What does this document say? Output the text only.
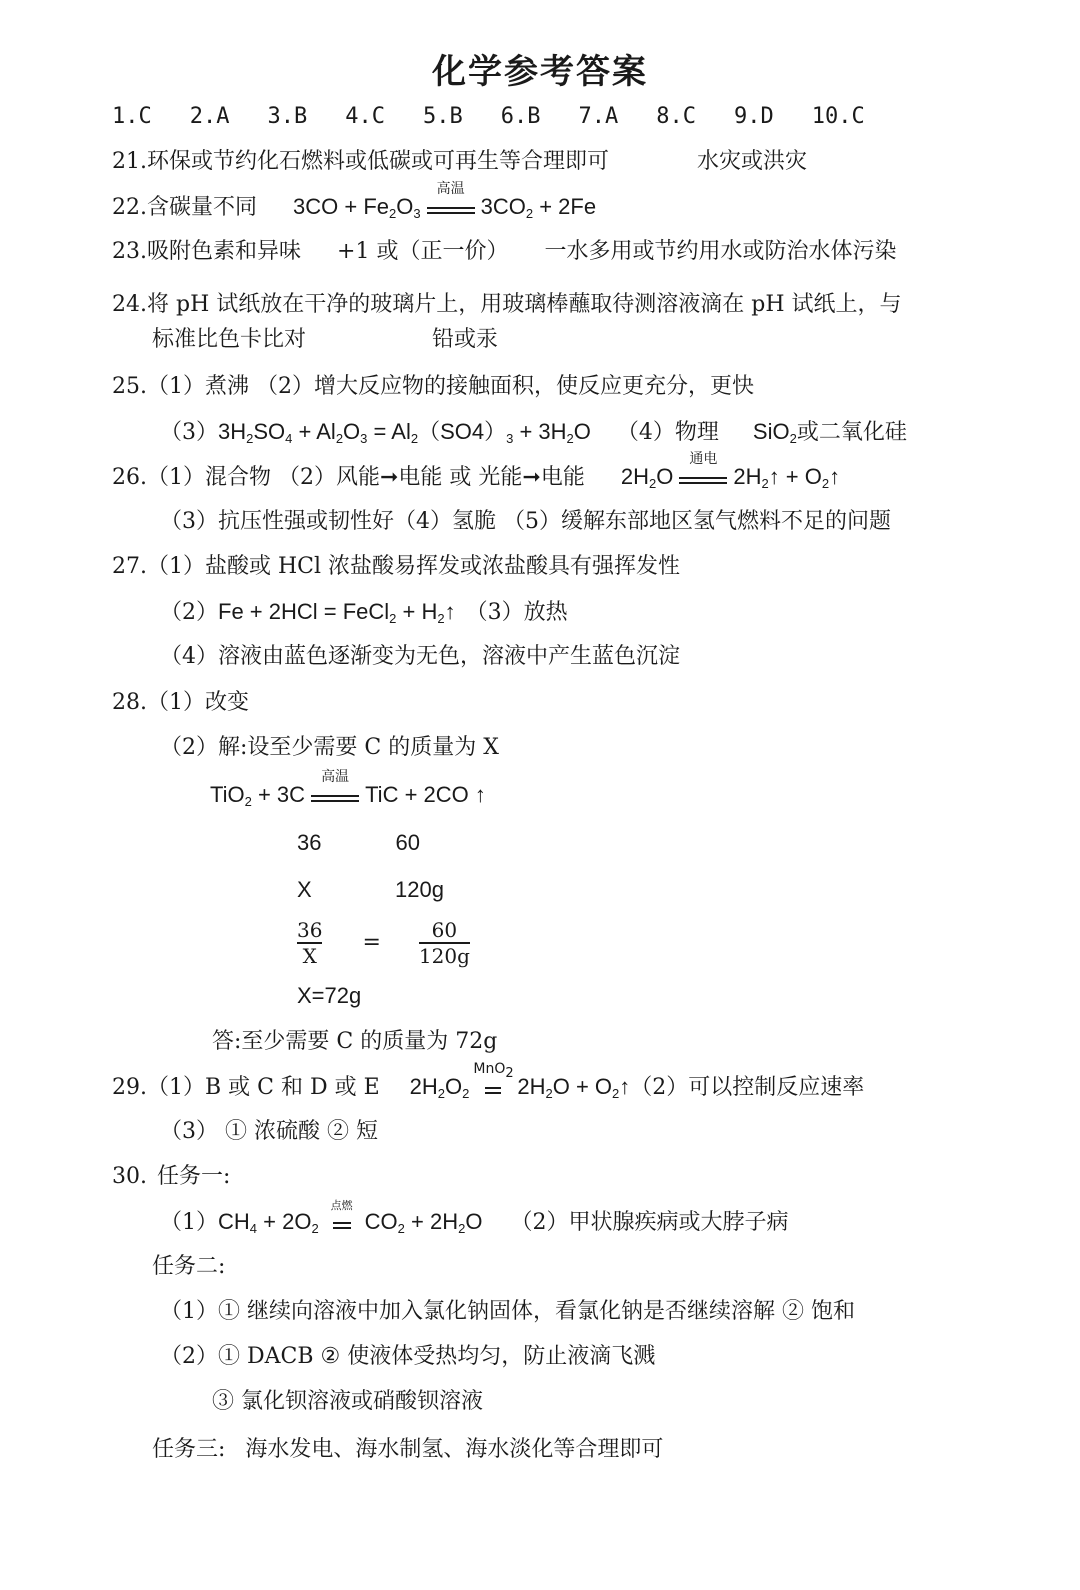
化学参考答案
1.C 2.A 3.B 4.C 5.B 6.B 7.A 8.C 9.D 10.C
21.环保或节约化石燃料或低碳或可再生等合理即可	水灾或洪灾
22.含碳量不同 $3CO + Fe_2O_3$
高温
$3CO_2 + 2Fe$
23.吸附色素和异味 +1 或（正一价） 一水多用或节约用水或防治水体污染
24.将 pH 试纸放在干净的玻璃片上，用玻璃棒蘸取待测溶液滴在 pH 试纸上，与
标准比色卡比对	铅或汞
25.（1）煮沸 （2）增大反应物的接触面积，使反应更充分，更快
$(3)3H_2SO_4 + Al_2O_3 = Al_2(SO4)_3 + 3H_2O$ （4）物理 SiO$_2$或二氧化硅
26.（1）混合物 （2）风能➞电能 或 光能➞电能 $2H_2O$
通电
$2H_2↑$ + $O_2↑$
（3）抗压性强或韧性好（4）氢脆 （5）缓解东部地区氢气燃料不足的问题
27.（1）盐酸或 HCl 浓盐酸易挥发或浓盐酸具有强挥发性
（2）Fe + 2HCl = FeCl$_2$ + $H_2↑$ （3）放热
（4）溶液由蓝色逐渐变为无色，溶液中产生蓝色沉淀
28.（1）改变
（2）解:设至少需要 C 的质量为 X
TiO$_2$ + 3C
高温
TiC + 2CO ↑
36	60
X	120g
$\frac{36}{X} = \frac{60}{120g}$
X=72g
答:至少需要 C 的质量为 72g
29.（1）B 或 C 和 D 或 E $2H_2O_2$
MnO$_2$
$2H_2O$ + $O_2↑(2)$可以控制反应速率
（3） ① 浓硫酸 ② 短
30. 任务一:
$(1)CH_4 + 2O_2$
点燃
$CO_2 + 2H_2O$ （2）甲状腺疾病或大脖子病
任务二:
（1）① 继续向溶液中加入氯化钠固体，看氯化钠是否继续溶解 ② 饱和
（2）① DACB ② 使液体受热均匀，防止液滴飞溅
③ 氯化钡溶液或硝酸钡溶液
任务三: 海水发电、海水制氢、海水淡化等合理即可
